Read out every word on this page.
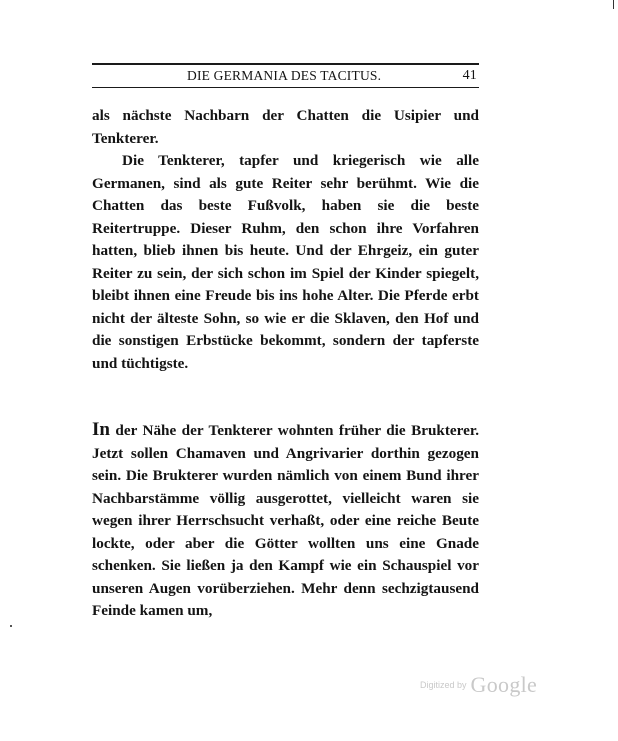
DIE GERMANIA DES TACITUS.	41

als nächste Nachbarn der Chatten die Usipier und Tenkterer.

Die Tenkterer, tapfer und kriegerisch wie alle Germanen, sind als gute Reiter sehr berühmt. Wie die Chatten das beste Fußvolk, haben sie die beste Reitertruppe. Dieser Ruhm, den schon ihre Vorfahren hatten, blieb ihnen bis heute. Und der Ehrgeiz, ein guter Reiter zu sein, der sich schon im Spiel der Kinder spiegelt, bleibt ihnen eine Freude bis ins hohe Alter. Die Pferde erbt nicht der älteste Sohn, so wie er die Sklaven, den Hof und die sonstigen Erbstücke bekommt, sondern der tapferste und tüchtigste.

In der Nähe der Tenkterer wohnten früher die Brukterer. Jetzt sollen Chamaven und Angrivarier dorthin gezogen sein. Die Brukterer wurden nämlich von einem Bund ihrer Nachbarstämme völlig ausgerottet, vielleicht waren sie wegen ihrer Herrschsucht verhaßt, oder eine reiche Beute lockte, oder aber die Götter wollten uns eine Gnade schenken. Sie ließen ja den Kampf wie ein Schauspiel vor unseren Augen vorüberziehen. Mehr denn sechzigtausend Feinde kamen um,

Digitized by Google
